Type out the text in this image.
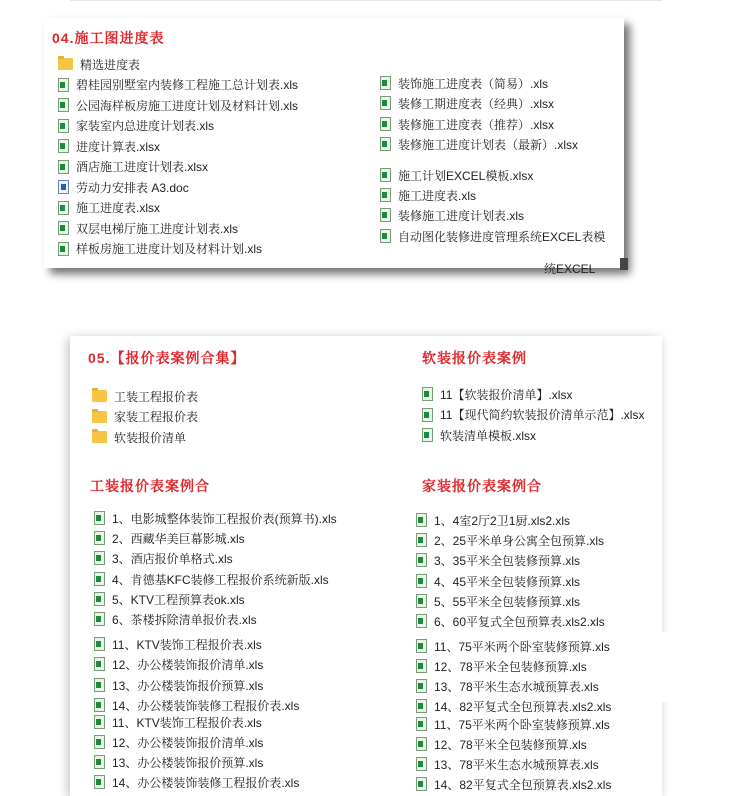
04.施工图进度表
统EXCEL
精选进度表
碧桂园别墅室内装修工程施工总计划表.xls
公园海样板房施工进度计划及材料计划.xls
家装室内总进度计划表.xls
进度计算表.xlsx
酒店施工进度计划表.xlsx
劳动力安排表 A3.doc
施工进度表.xlsx
双层电梯厅施工进度计划表.xls
样板房施工进度计划及材料计划.xls
装饰施工进度表（简易）.xls
装修工期进度表（经典）.xlsx
装修施工进度表（推荐）.xlsx
装修施工进度计划表（最新）.xlsx
施工计划EXCEL模板.xlsx
施工进度表.xls
装修施工进度计划表.xls
自动图化装修进度管理系统EXCEL表模
05.【报价表案例合集】	软装报价表案例
工装报价表案例合	家装报价表案例合
工装工程报价表
家装工程报价表
软装报价清单
11【软装报价清单】.xlsx
11【现代简约软装报价清单示范】.xlsx
软装清单模板.xlsx
1、电影城整体装饰工程报价表(预算书).xls
2、西藏华美巨幕影城.xls
3、酒店报价单格式.xls
4、肯德基KFC装修工程报价系统新版.xls
5、KTV工程预算表ok.xls
6、茶楼拆除清单报价表.xls
11、KTV装饰工程报价表.xls
12、办公楼装饰报价清单.xls
13、办公楼装饰报价预算.xls
14、办公楼装饰装修工程报价表.xls
11、KTV装饰工程报价表.xls
12、办公楼装饰报价清单.xls
13、办公楼装饰报价预算.xls
14、办公楼装饰装修工程报价表.xls
1、4室2厅2卫1厨.xls2.xls
2、25平米单身公寓全包预算.xls
3、35平米全包装修预算.xls
4、45平米全包装修预算.xls
5、55平米全包装修预算.xls
6、60平复式全包预算表.xls2.xls
11、75平米两个卧室装修预算.xls
12、78平米全包装修预算.xls
13、78平米生态水城预算表.xls
14、82平复式全包预算表.xls2.xls
11、75平米两个卧室装修预算.xls
12、78平米全包装修预算.xls
13、78平米生态水城预算表.xls
14、82平复式全包预算表.xls2.xls
